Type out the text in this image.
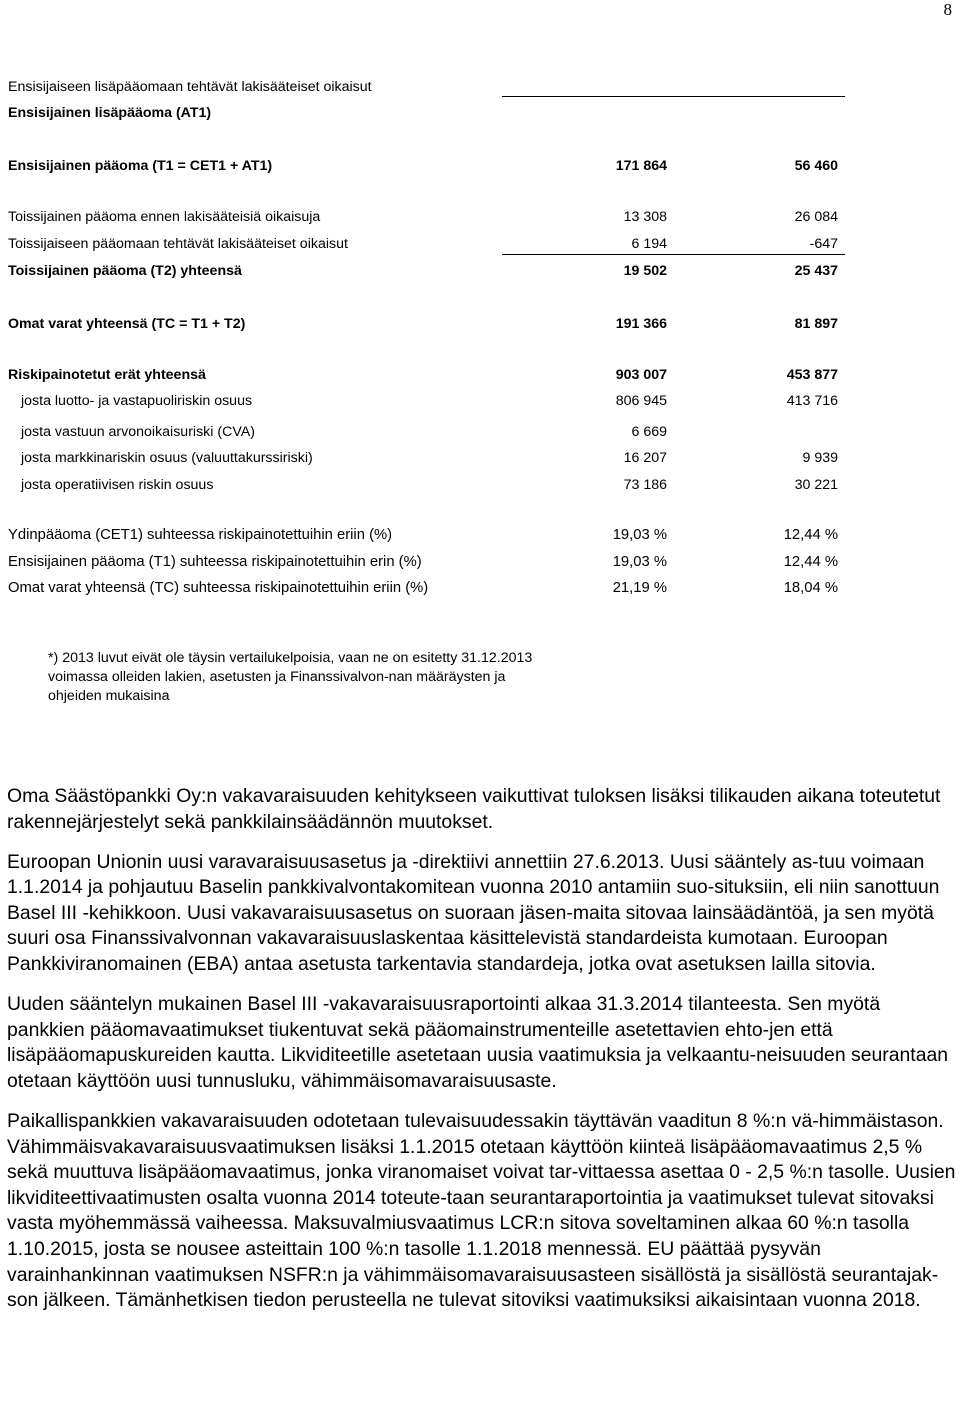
8
Ensisijaiseen lisäpääomaan tehtävät lakisääteiset oikaisut
Ensisijainen lisäpääoma (AT1)
Ensisijainen pääoma (T1 = CET1 + AT1)	171 864	56 460
Toissijainen pääoma ennen lakisääteisiä oikaisuja	13 308	26 084
Toissijaiseen pääomaan tehtävät lakisääteiset oikaisut	6 194	-647
Toissijainen pääoma (T2) yhteensä	19 502	25 437
Omat varat yhteensä (TC = T1 + T2)	191 366	81 897
Riskipainotetut erät yhteensä	903 007	453 877
josta luotto- ja vastapuoliriskin osuus	806 945	413 716
josta vastuun arvonoikaisuriski (CVA)	6 669
josta markkinariskin osuus (valuuttakurssiriski)	16 207	9 939
josta operatiivisen riskin osuus	73 186	30 221
Ydinpääoma (CET1) suhteessa riskipainotettuihin eriin (%)	19,03 %	12,44 %
Ensisijainen pääoma (T1) suhteessa riskipainotettuihin erin (%)	19,03 %	12,44 %
Omat varat yhteensä (TC) suhteessa riskipainotettuihin eriin (%)	21,19 %	18,04 %
*) 2013 luvut eivät ole täysin vertailukelpoisia, vaan ne on esitetty 31.12.2013 voimassa olleiden lakien, asetusten ja Finanssivalvon-nan määräysten ja ohjeiden mukaisina

Oma Säästöpankki Oy:n vakavaraisuuden kehitykseen vaikuttivat tuloksen lisäksi tilikauden aikana toteutetut rakennejärjestelyt sekä pankkilainsäädännön muutokset.

Euroopan Unionin uusi varavaraisuusasetus ja -direktiivi annettiin 27.6.2013. Uusi sääntely as-tuu voimaan 1.1.2014 ja pohjautuu Baselin pankkivalvontakomitean vuonna 2010 antamiin suo-situksiin, eli niin sanottuun Basel III -kehikkoon. Uusi vakavaraisuusasetus on suoraan jäsen-maita sitovaa lainsäädäntöä, ja sen myötä suuri osa Finanssivalvonnan vakavaraisuuslaskentaa käsittelevistä standardeista kumotaan. Euroopan Pankkiviranomainen (EBA) antaa asetusta tarkentavia standardeja, jotka ovat asetuksen lailla sitovia.

Uuden sääntelyn mukainen Basel III -vakavaraisuusraportointi alkaa 31.3.2014 tilanteesta. Sen myötä pankkien pääomavaatimukset tiukentuvat sekä pääomainstrumenteille asetettavien ehto-jen että lisäpääomapuskureiden kautta. Likviditeetille asetetaan uusia vaatimuksia ja velkaantu-neisuuden seurantaan otetaan käyttöön uusi tunnusluku, vähimmäisomavaraisuusaste.

Paikallispankkien vakavaraisuuden odotetaan tulevaisuudessakin täyttävän vaaditun 8 %:n vä-himmäistason. Vähimmäisvakavaraisuusvaatimuksen lisäksi 1.1.2015 otetaan käyttöön kiinteä lisäpääomavaatimus 2,5 % sekä muuttuva lisäpääomavaatimus, jonka viranomaiset voivat tar-vittaessa asettaa 0 - 2,5 %:n tasolle. Uusien likviditeettivaatimusten osalta vuonna 2014 toteute-taan seurantaraportointia ja vaatimukset tulevat sitovaksi vasta myöhemmässä vaiheessa. Maksuvalmiusvaatimus LCR:n sitova soveltaminen alkaa 60 %:n tasolla 1.10.2015, josta se nousee asteittain 100 %:n tasolle 1.1.2018 mennessä. EU päättää pysyvän varainhankinnan vaatimuksen NSFR:n ja vähimmäisomavaraisuusasteen sisällöstä ja sisällöstä seurantajak-son jälkeen. Tämänhetkisen tiedon perusteella ne tulevat sitoviksi vaatimuksiksi aikaisintaan vuonna 2018.
